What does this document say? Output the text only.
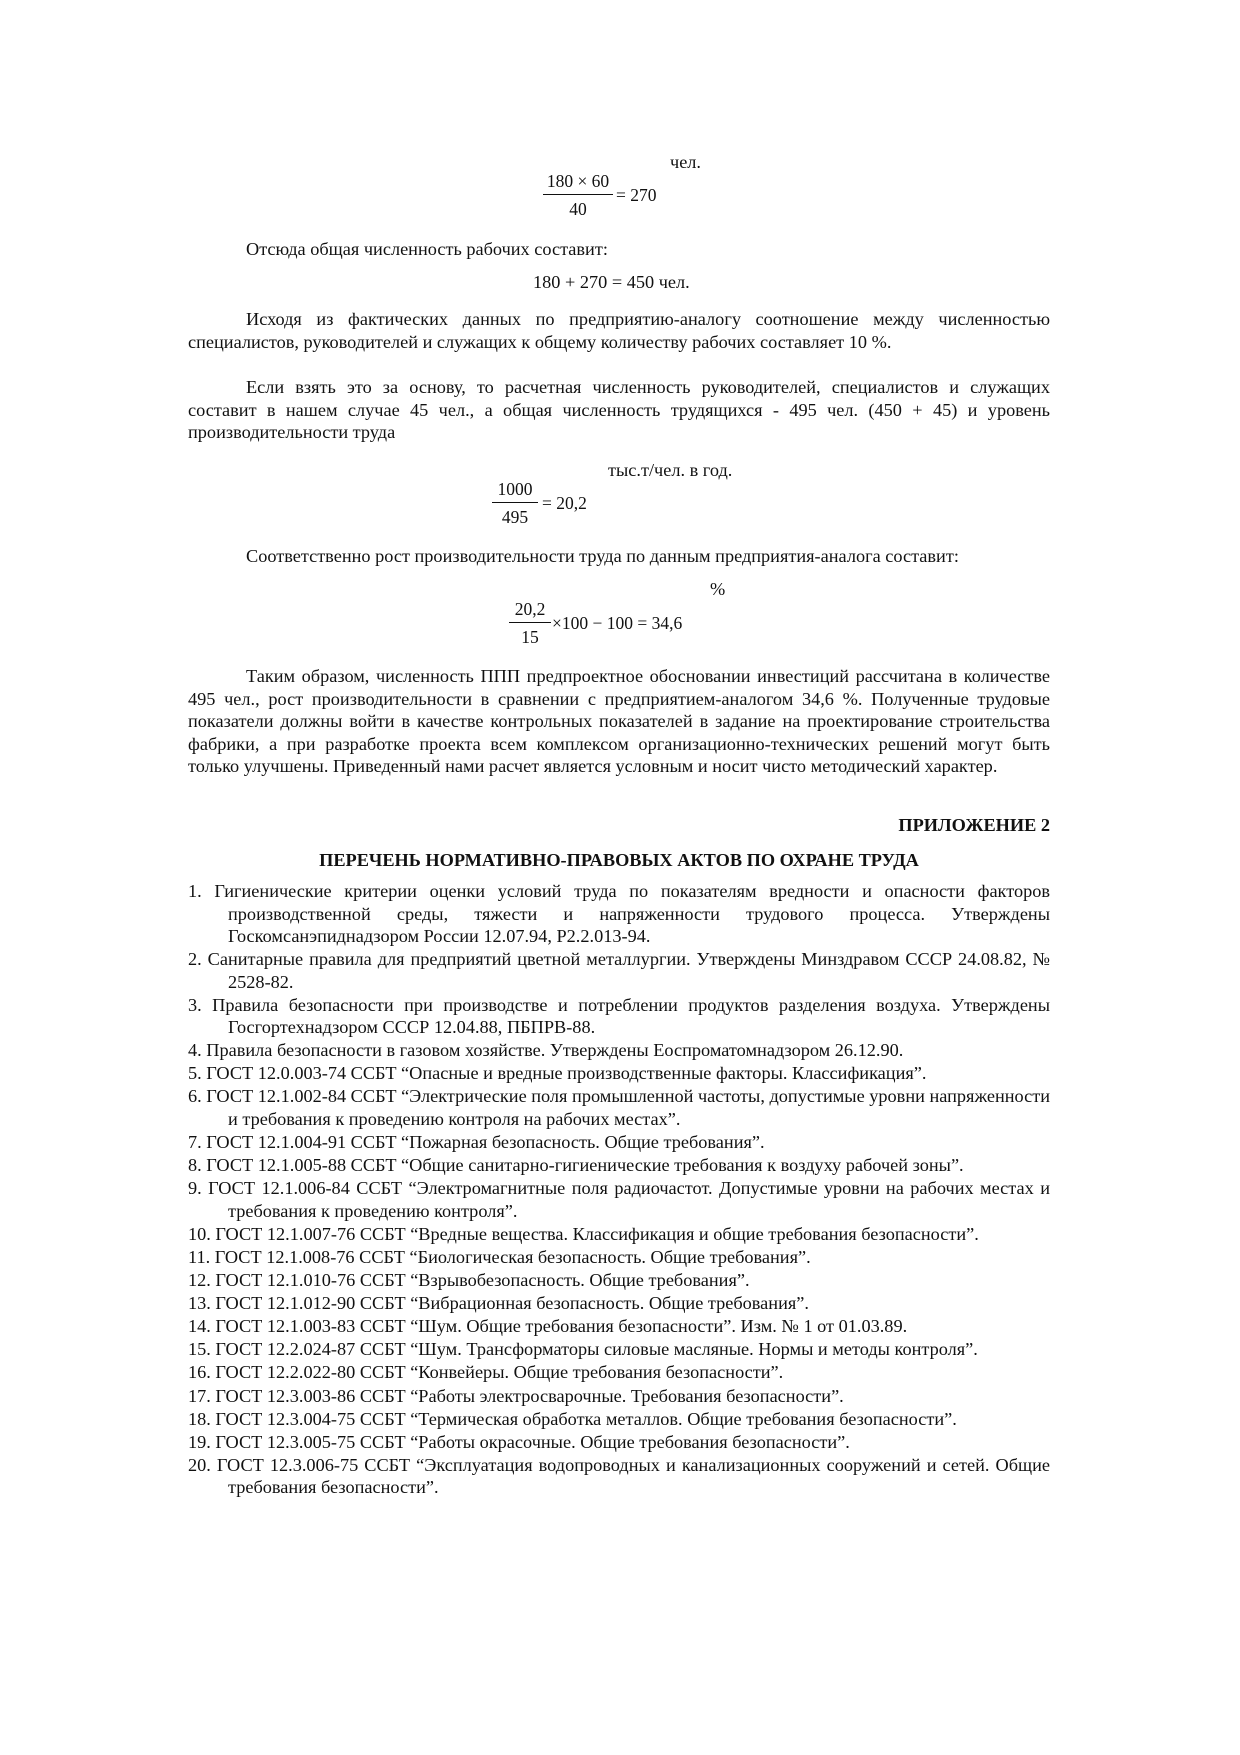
чел.
180 × 60
40
= 270
Отсюда общая численность рабочих составит:
180 + 270 = 450 чел.
Исходя из фактических данных по предприятию-аналогу соотношение между численностью специалистов, руководителей и служащих к общему количеству рабочих составляет 10 %.
Если взять это за основу, то расчетная численность руководителей, специалистов и служащих составит в нашем случае 45 чел., а общая численность трудящихся - 495 чел. (450 + 45) и уровень производительности труда
тыс.т/чел. в год.
1000
495
= 20,2
Соответственно рост производительности труда по данным предприятия-аналога составит:
%
20,2
15
×100 − 100 = 34,6
Таким образом, численность ППП предпроектное обосновании инвестиций рассчитана в количестве 495 чел., рост производительности в сравнении с предприятием-аналогом 34,6 %. Полученные трудовые показатели должны войти в качестве контрольных показателей в задание на проектирование строительства фабрики, а при разработке проекта всем комплексом организационно-технических решений могут быть только улучшены. Приведенный нами расчет является условным и носит чисто методический характер.
ПРИЛОЖЕНИЕ 2
ПЕРЕЧЕНЬ НОРМАТИВНО-ПРАВОВЫХ АКТОВ ПО ОХРАНЕ ТРУДА
1. Гигиенические критерии оценки условий труда по показателям вредности и опасности факторов производственной среды, тяжести и напряженности трудового процесса. Утверждены Госкомсанэпиднадзором России 12.07.94, Р2.2.013-94.
2. Санитарные правила для предприятий цветной металлургии. Утверждены Минздравом СССР 24.08.82, № 2528-82.
3. Правила безопасности при производстве и потреблении продуктов разделения воздуха. Утверждены Госгортехнадзором СССР 12.04.88, ПБПРВ-88.
4. Правила безопасности в газовом хозяйстве. Утверждены Еоспроматомнадзором 26.12.90.
5. ГОСТ 12.0.003-74 ССБТ “Опасные и вредные производственные факторы. Классификация”.
6. ГОСТ 12.1.002-84 ССБТ “Электрические поля промышленной частоты, допустимые уровни напряженности и требования к проведению контроля на рабочих местах”.
7. ГОСТ 12.1.004-91 ССБТ “Пожарная безопасность. Общие требования”.
8. ГОСТ 12.1.005-88 ССБТ “Общие санитарно-гигиенические требования к воздуху рабочей зоны”.
9. ГОСТ 12.1.006-84 ССБТ “Электромагнитные поля радиочастот. Допустимые уровни на рабочих местах и требования к проведению контроля”.
10. ГОСТ 12.1.007-76 ССБТ “Вредные вещества. Классификация и общие требования безопасности”.
11. ГОСТ 12.1.008-76 ССБТ “Биологическая безопасность. Общие требования”.
12. ГОСТ 12.1.010-76 ССБТ “Взрывобезопасность. Общие требования”.
13. ГОСТ 12.1.012-90 ССБТ “Вибрационная безопасность. Общие требования”.
14. ГОСТ 12.1.003-83 ССБТ “Шум. Общие требования безопасности”. Изм. № 1 от 01.03.89.
15. ГОСТ 12.2.024-87 ССБТ “Шум. Трансформаторы силовые масляные. Нормы и методы контроля”.
16. ГОСТ 12.2.022-80 ССБТ “Конвейеры. Общие требования безопасности”.
17. ГОСТ 12.3.003-86 ССБТ “Работы электросварочные. Требования безопасности”.
18. ГОСТ 12.3.004-75 ССБТ “Термическая обработка металлов. Общие требования безопасности”.
19. ГОСТ 12.3.005-75 ССБТ “Работы окрасочные. Общие требования безопасности”.
20. ГОСТ 12.3.006-75 ССБТ “Эксплуатация водопроводных и канализационных сооружений и сетей. Общие требования безопасности”.
